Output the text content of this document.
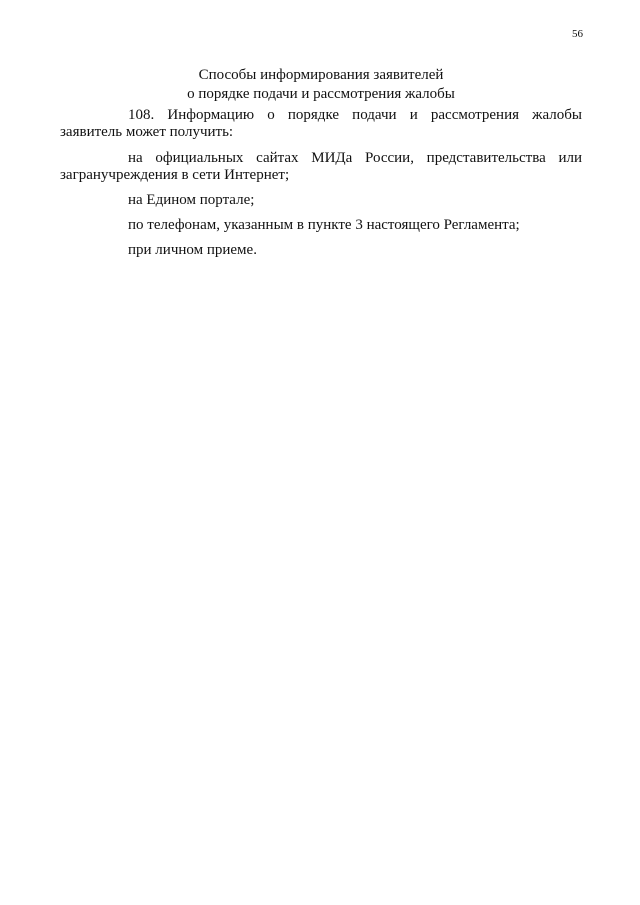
56
Способы информирования заявителей
о порядке подачи и рассмотрения жалобы

108. Информацию о порядке подачи и рассмотрения жалобы заявитель может получить:

на официальных сайтах МИДа России, представительства или
загранучреждения в сети Интернет;

на Едином портале;

по телефонам, указанным в пункте 3 настоящего Регламента;

при личном приеме.
